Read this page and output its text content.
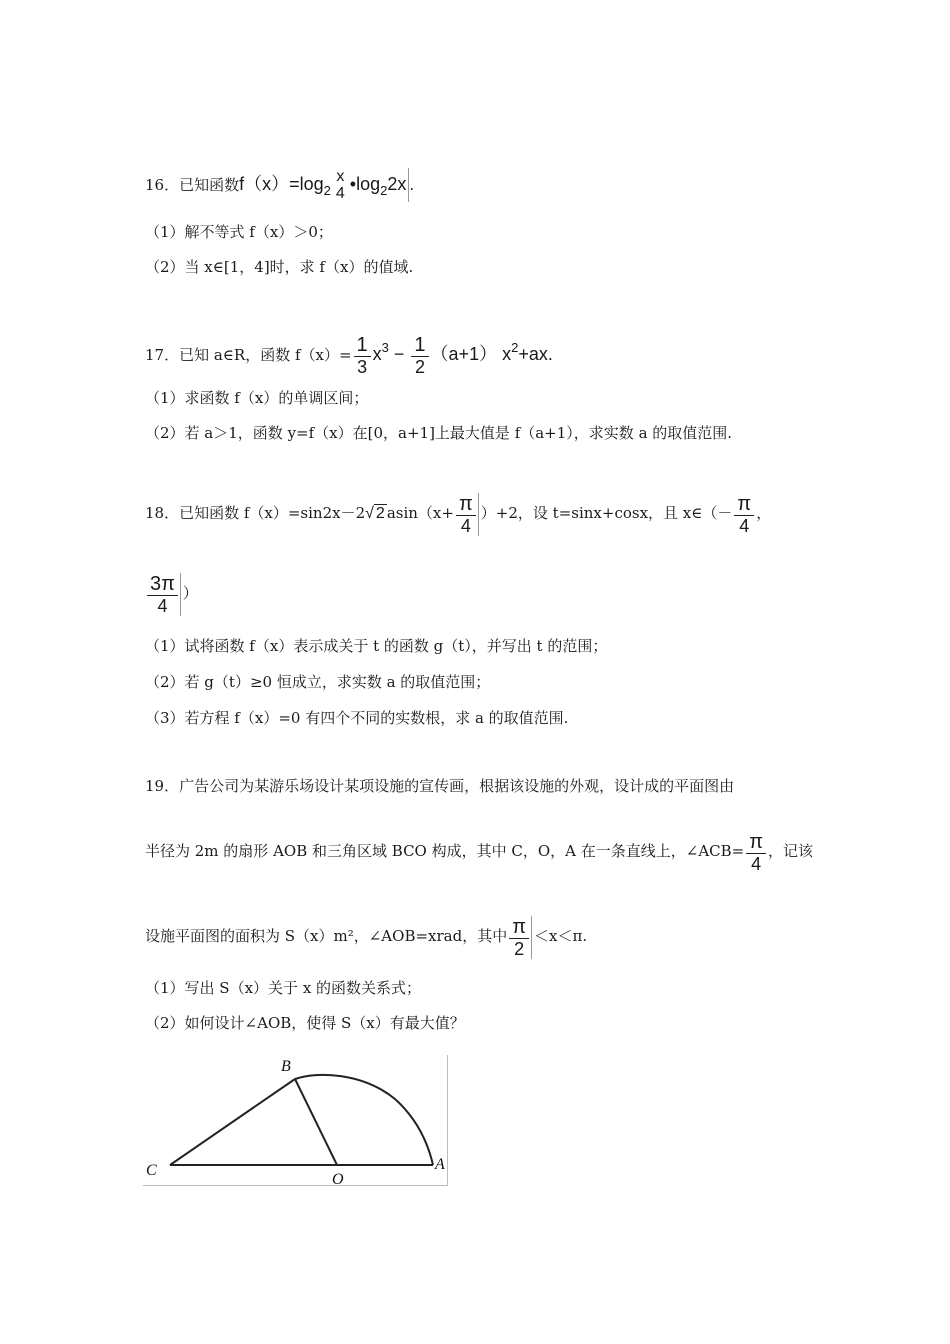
16．已知函数$f(x)=\log_2$
x
4 $•\log_22x$ .
（1）解不等式 f（x）＞0；
（2）当 x∈[1，4]时，求 f（x）的值域.
17．已知 a∈R，函数 $f(x)= \frac{1}{3} x^3 - \frac{1}{2} (a+1)$ $x^2+ax$.
（1）求函数 f（x）的单调区间；
（2）若 a＞1，函数 y=f（x）在[0，a+1]上最大值是 f（a+1），求实数 a 的取值范围.
18．已知函数 f（x）=sin2x－2√ 2 $asin(x+ \frac{\pi}{4} )+2$，设 t=sinx+cosx，且 x∈（－ $\frac{\pi}{4}$ ，
$\frac{3\pi}{4}$ ）
（1）试将函数 f（x）表示成关于 t 的函数 g（t），并写出 t 的范围；
（2）若 g（t）≥0 恒成立，求实数 a 的取值范围；
（3）若方程 f（x）=0 有四个不同的实数根，求 a 的取值范围.
19．广告公司为某游乐场设计某项设施的宣传画，根据该设施的外观，设计成的平面图由
半径为 2m 的扇形 AOB 和三角区域 BCO 构成，其中 C，O，A 在一条直线上，∠ACB= $\frac{\pi}{4}$ ，记该
设施平面图的面积为 S（x）m²，∠AOB=xrad，其中 $\frac{\pi}{2} <x<\pi$.
（1）写出 S（x）关于 x 的函数关系式；
（2）如何设计∠AOB，使得 S（x）有最大值？
B
C
O
A
